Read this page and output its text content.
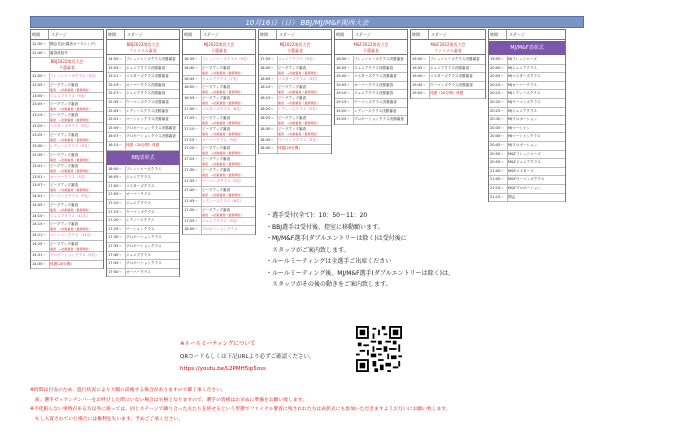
10月16日（日） BBJ/MJ/M&F関西大会
時間	ステージ
12:30～	開会式(出場者オープニング)
12:40～	審査員紹介
BBJ2022関西大会
予選審査
12:50～	フレッシャーズクラス（9名）
12:55～	ピープアップ審査
審査　→比較審査（最新順位）
13:00～	ジュニアクラス（9名）
13:05～	ピープアップ審査
審査　→比較審査（最新順位）
13:14～	ピープアップ審査
審査　→比較審査（最新順位）
13:20～	マスターズクラス（5名）
13:25～	ピープアップ審査
審査　→比較審査（最新順位）
13:30～	レディースクラス（9名）
13:35～	ピープアップ審査
審査　→比較審査（最新順位）
13:41～	ピープアップ審査
審査　→比較審査（最新順位）
13:51～	オーバークラス（5名）
13:57～	ピープアップ審査
審査　→比較審査（最新順位）
14:01～	ウーマンズクラス（9名）
14:05～	ピープアップ審査
審査　→比較審査（最新順位）
14:10～	ジュニアクラス（11名）
14:15～	ピープアップ審査
審査　→比較審査（最新順位）
14:21～	マーシャンクラス（11名）
14:25～	ピープアップ審査
審査　→比較審査（最新順位）
14:31～	プロポーションクラス（9名）
14:35～	休憩(20分間)
時間	ステージ
BBJ2022関西大会
ファイナル審査
14:55～	フレッシャーズクラス決勝審査
15:03～	ジュニアクラス決勝審査
15:11～	マスターズクラス決勝審査
15:19～	オーバークラス決勝審査
15:27～	ジュニアクラス決勝審査
15:35～	ウーマンズクラス決勝審査
15:43～	レディースクラス決勝審査
15:51～	マーシャンクラス決勝審査
15:59～	プロポーションクラス決勝審査
16:07～	プロポーションクラス決勝審査
16:15～	休憩（20分間）休憩
BBJ表彰式
16:50～	フレッシャーズクラス
16:55～	ジュニアクラス
17:00～	マスターズクラス
17:05～	オーバークラス
17:10～	ジュニアクラス
17:15～	ウーマンズクラス
17:20～	レディースクラス
17:25～	マーシャンクラス
17:30～	プロポーションクラス
17:35～	プロポーションクラス
17:40～	ジュニアクラス
17:45～	プロポーションクラス
17:50～	オーバークラス
時間	ステージ
MJ2022関西大会
予選審査
16:35～	フレッシャーズクラス（9名）
16:40～	ピープアップ審査
審査　→比較審査（最新順位）
16:45～	ジュニアクラス（7名）
16:50～	ピープアップ審査
審査　→比較審査（最新順位）
16:55～	ピープアップ審査
審査　→比較審査（最新順位）
17:00～	マスターズクラス（8名）
17:05～	ピープアップ審査
審査　→比較審査（最新順位）
17:10～	ピープアップ審査
審査　→比較審査（最新順位）
17:15～	オーバークラス（9名）
17:20～	ピープアップ審査
審査　→比較審査（最新順位）
17:25～	ピープアップ審査
審査　→比較審査（最新順位）
17:30～	ピープアップ審査
審査　→比較審査（最新順位）
17:35～	ウーマンズクラス（5名）
17:40～	ピープアップ審査
審査　→比較審査（最新順位）
17:45～	レディースクラス（6名）
17:50～	ピープアップ審査
審査　→比較審査（最新順位）
17:55～	ジュニアクラス（5名）
18:00～	プロポーションクラス
時間	ステージ
MJ2022関西大会
予選審査
17:55～	ジュニアクラス（5名）
18:00～	ピープアップ審査
審査　→比較審査（最新順位）
18:05～	マスターズクラス（5名）
18:10～	ピープアップ審査
審査　→比較審査（最新順位）
18:15～	ピープアップ審査
審査　→比較審査（最新順位）
18:20～	レディースクラス（5名）
18:25～	ピープアップ審査
審査　→比較審査（最新順位）
18:30～	ピープアップ審査
審査　→比較審査（最新順位）
18:35～	ウーマンズクラス（5名）
18:40～	休憩(20分間)
時間	ステージ
M&F2022関西大会
予選審査
18:50～	フレッシャーズクラス決勝審査
18:55～	ジュニアクラス決勝審査
19:00～	マスターズクラス決勝審査
19:05～	オーバークラス決勝審査
19:10～	ジュニアクラス決勝審査
19:15～	ウーマンズクラス決勝審査
19:20～	レディースクラス決勝審査
19:25～	プロポーションクラス決勝審査
時間	ステージ
M&F2022関西大会
ファイナル審査
19:30～	フレッシャーズクラス決勝審査
19:35～	ジュニアクラス決勝審査
19:40～	マスターズクラス決勝審査
19:45～	ウーマンズクラス決勝審査
19:50～	休憩（20分間）休憩
時間	ステージ
MJ/M&F表彰式
19:55～	MJフレッシャーズ
20:00～	MJジュニアクラス
20:05～	MJマスターズクラス
20:10～	MJオーバークラス
20:15～	MJレディースクラス
20:20～	MJウーマンズクラス
20:25～	MJジュニアクラス
20:30～	MJプロポーション
20:35～	MJマーシャン
20:40～	MJマーシャンクラス
20:45～	MJプロポーション
20:50～	M&Fフレッシャーズ
20:55～	M&Fジュニアクラス
21:00～	M&Fマスターズ
21:05～	M&Fウーマンズクラス
21:10～	M&Fプロポーション
21:15～	閉会
・選手受付(全て)：10：50～11：20
・BBJ選手は受付後、控室に移動願います。
・MJ/M&F選手(ダブルエントリーは除く)は受付後に
　スタッフがご案内致します。
・ルールミーティングは全選手ご出席ください
・ルールミーティング後、MJ/M&F選手(ダブルエントリーは除く)は、
　スタッフがその後の動きをご案内致します。
※ルールミーティングについて
QRコードもしくは下記URLより必ずご確認ください。
https://youtu.be/L2PMH5ip5oss
※時間は目安のため、進行状況により大幅に前後する場合がありますので御了承ください。
　尚、選手ゼッケンナンバーをお呼びした際にいない場合は失格となりますので、選手の皆様はお早めに準備をお願い致します。
※不化粧らない事情がある方以外に限っては、同じステージで隣り合った方たちを併せるという形態でファイナル審査に残されれた方は表彰式にも参加いただきますようお互いにお願い致します。
　もし入賞されていた場合には権利を失います。予めご了承ください。
